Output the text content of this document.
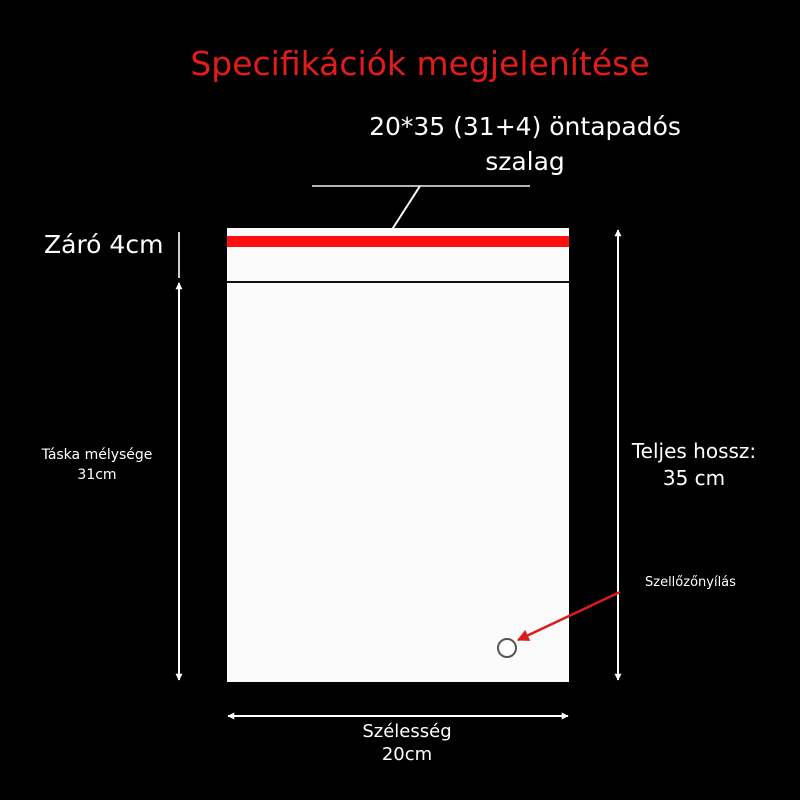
Specifikációk megjelenítése
20*35 (31+4) öntapadós
szalag
Záró 4cm
Táska mélysége
31cm
Teljes hossz:
35 cm
Szellőzőnyílás
Szélesség
20cm
